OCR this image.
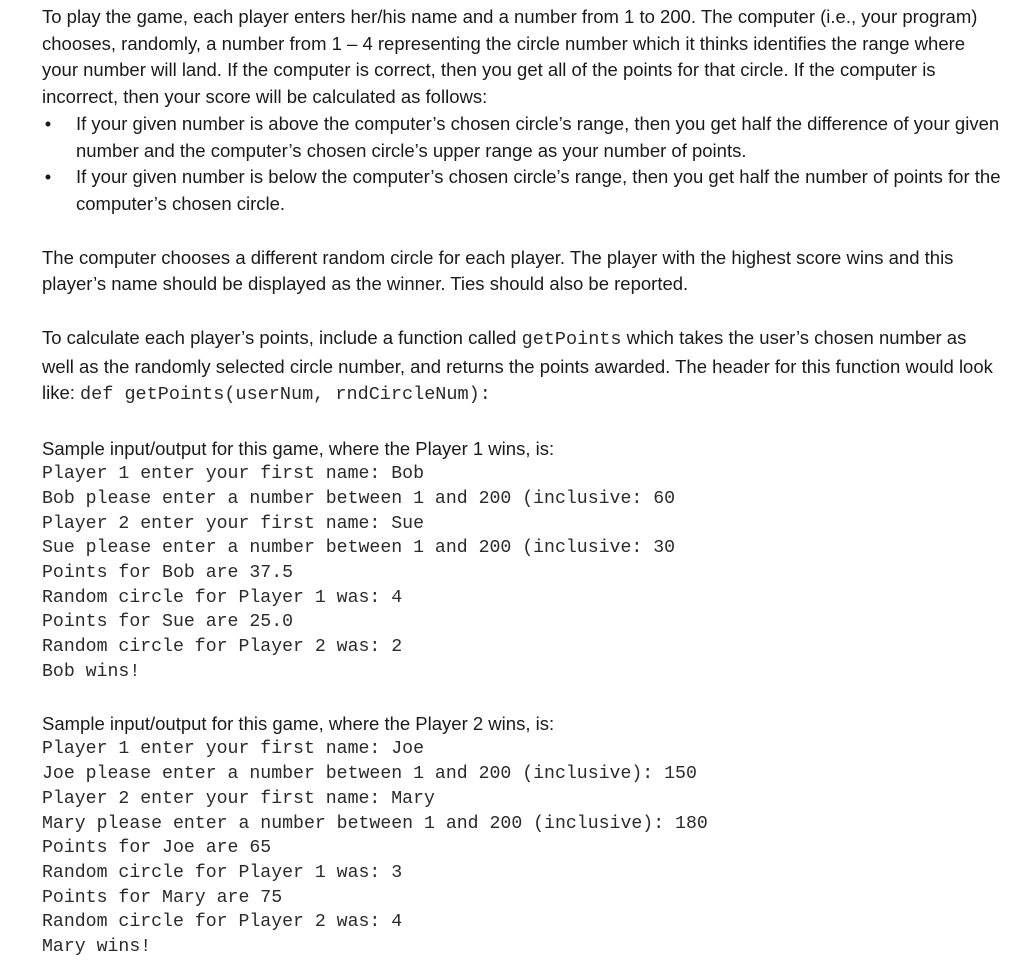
To play the game, each player enters her/his name and a number from 1 to 200. The computer (i.e., your program) chooses, randomly, a number from 1 – 4 representing the circle number which it thinks identifies the range where your number will land. If the computer is correct, then you get all of the points for that circle. If the computer is incorrect, then your score will be calculated as follows:

• If your given number is above the computer’s chosen circle’s range, then you get half the difference of your given number and the computer’s chosen circle’s upper range as your number of points.
• If your given number is below the computer’s chosen circle’s range, then you get half the number of points for the computer’s chosen circle.

The computer chooses a different random circle for each player. The player with the highest score wins and this player’s name should be displayed as the winner. Ties should also be reported.

To calculate each player’s points, include a function called getPoints which takes the user’s chosen number as well as the randomly selected circle number, and returns the points awarded. The header for this function would look like: def getPoints(userNum, rndCircleNum):

Sample input/output for this game, where the Player 1 wins, is:

Player 1 enter your first name: Bob
Bob please enter a number between 1 and 200 (inclusive: 60
Player 2 enter your first name: Sue
Sue please enter a number between 1 and 200 (inclusive: 30
Points for Bob are 37.5
Random circle for Player 1 was: 4
Points for Sue are 25.0
Random circle for Player 2 was: 2
Bob wins!

Sample input/output for this game, where the Player 2 wins, is:

Player 1 enter your first name: Joe
Joe please enter a number between 1 and 200 (inclusive): 150
Player 2 enter your first name: Mary
Mary please enter a number between 1 and 200 (inclusive): 180
Points for Joe are 65
Random circle for Player 1 was: 3
Points for Mary are 75
Random circle for Player 2 was: 4
Mary wins!
